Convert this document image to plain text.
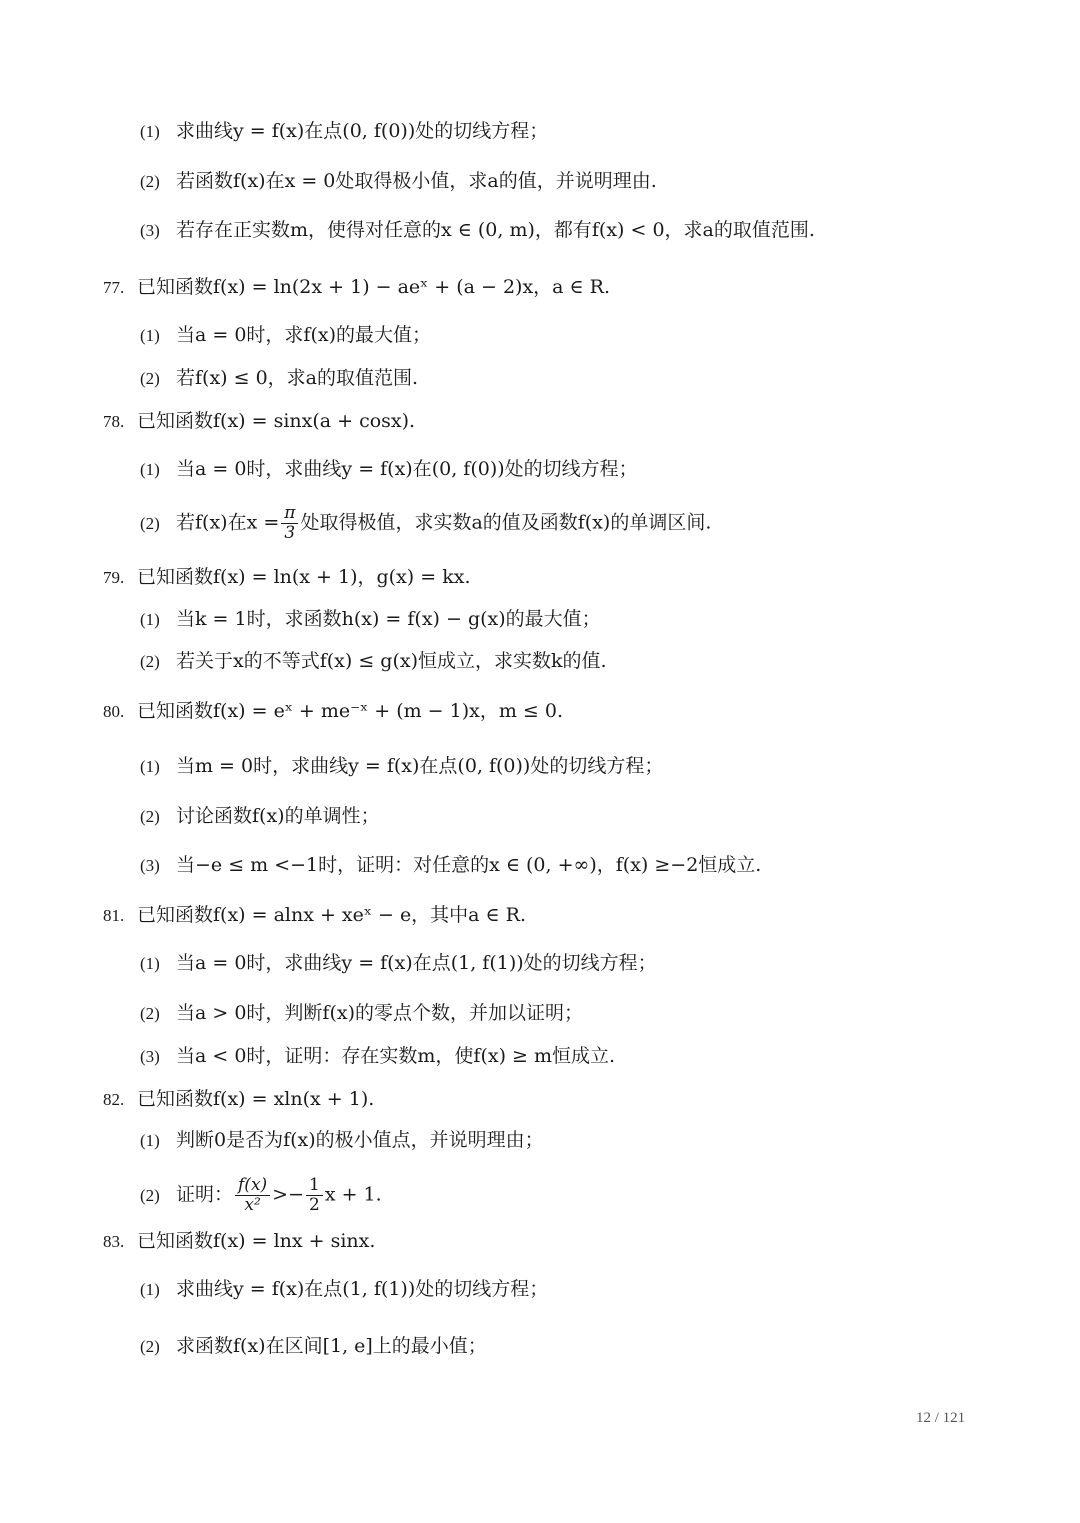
(1) 求曲线y = f(x)在点(0, f(0))处的切线方程；
(2) 若函数f(x)在x = 0处取得极小值，求a的值，并说明理由.
(3) 若存在正实数m，使得对任意的x ∈ (0, m)，都有f(x) < 0，求a的取值范围.
77. 已知函数f(x) = ln(2x + 1) − aeˣ + (a − 2)x，a ∈ R.
(1) 当a = 0时，求f(x)的最大值；
(2) 若f(x) ≤ 0，求a的取值范围.
78. 已知函数f(x) = sinx(a + cosx).
(1) 当a = 0时，求曲线y = f(x)在(0, f(0))处的切线方程；
(2) 若f(x)在$x = \frac{\pi}{3}$ 处取得极值，求实数a的值及函数f(x)的单调区间.
79. 已知函数f(x) = ln(x + 1)，g(x) = kx.
(1) 当k = 1时，求函数h(x) = f(x) − g(x)的最大值；
(2) 若关于x的不等式f(x) ≤ g(x)恒成立，求实数k的值.
80. 已知函数f(x) = eˣ + me⁻ˣ + (m − 1)x，m ≤ 0.
(1) 当m = 0时，求曲线y = f(x)在点(0, f(0))处的切线方程；
(2) 讨论函数f(x)的单调性；
(3) 当−e ≤ m <−1时，证明：对任意的x ∈ (0, +∞)，f(x) ≥−2恒成立.
81. 已知函数f(x) = alnx + xeˣ − e，其中a ∈ R.
(1) 当a = 0时，求曲线y = f(x)在点(1, f(1))处的切线方程；
(2) 当a > 0时，判断f(x)的零点个数，并加以证明；
(3) 当a < 0时，证明：存在实数m，使f(x) ≥ m恒成立.
82. 已知函数f(x) = xln(x + 1).
(1) 判断0是否为f(x)的极小值点，并说明理由；
(2) 证明： $\frac{f(x)}{\text{x²}} >- \frac{1}{2}$ x + 1.
83. 已知函数f(x) = lnx + sinx.
(1) 求曲线y = f(x)在点(1, f(1))处的切线方程；
(2) 求函数f(x)在区间[1, e]上的最小值；
12 / 121
